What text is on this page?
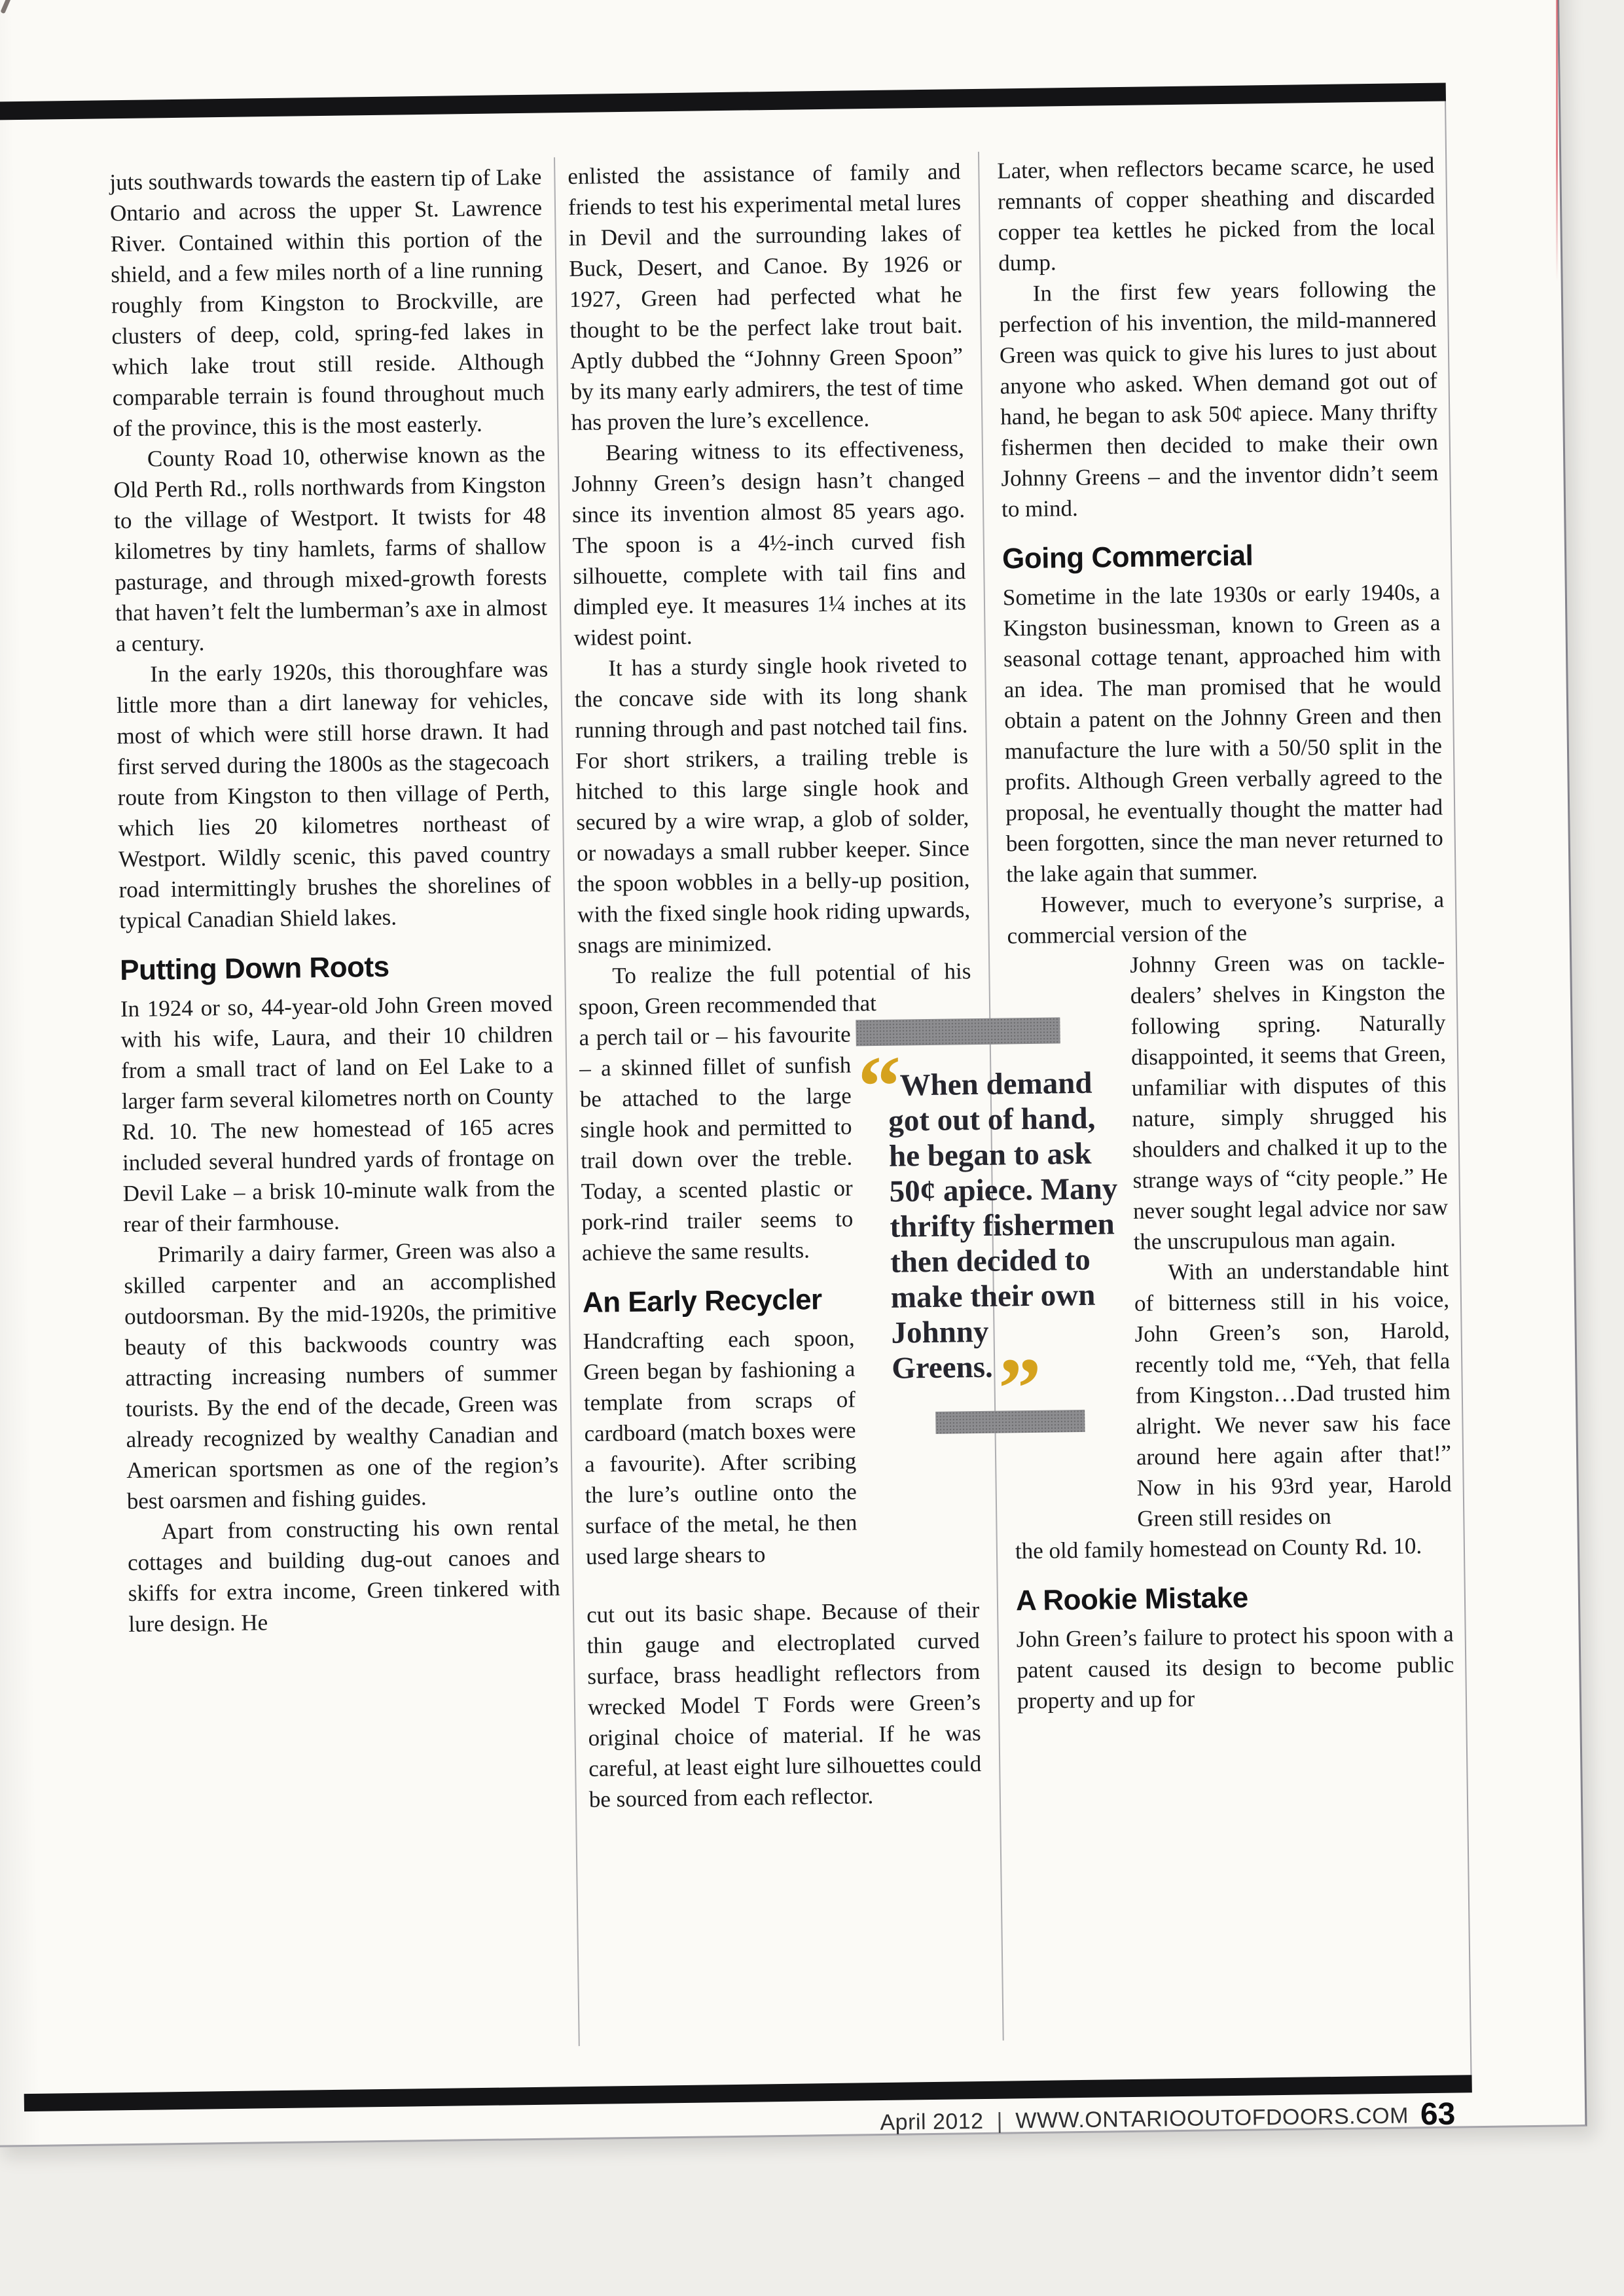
juts southwards towards the eastern tip of Lake Ontario and across the upper St. Lawrence River. Contained within this portion of the shield, and a few miles north of a line running roughly from Kingston to Brockville, are clusters of deep, cold, spring-fed lakes in which lake trout still reside. Although comparable terrain is found throughout much of the province, this is the most easterly.

County Road 10, otherwise known as the Old Perth Rd., rolls northwards from Kingston to the village of Westport. It twists for 48 kilometres by tiny hamlets, farms of shallow pasturage, and through mixed-growth forests that haven’t felt the lumberman’s axe in almost a century.

In the early 1920s, this thoroughfare was little more than a dirt laneway for vehicles, most of which were still horse drawn. It had first served during the 1800s as the stagecoach route from Kingston to then village of Perth, which lies 20 kilometres northeast of Westport. Wildly scenic, this paved country road intermittingly brushes the shorelines of typical Canadian Shield lakes.

Putting Down Roots

In 1924 or so, 44-year-old John Green moved with his wife, Laura, and their 10 children from a small tract of land on Eel Lake to a larger farm several kilometres north on County Rd. 10. The new homestead of 165 acres included several hundred yards of frontage on Devil Lake – a brisk 10-minute walk from the rear of their farmhouse.

Primarily a dairy farmer, Green was also a skilled carpenter and an accomplished outdoorsman. By the mid-1920s, the primitive beauty of this backwoods country was attracting increasing numbers of summer tourists. By the end of the decade, Green was already recognized by wealthy Canadian and American sportsmen as one of the region’s best oarsmen and fishing guides.

Apart from constructing his own rental cottages and building dug-out canoes and skiffs for extra income, Green tinkered with lure design. He

enlisted the assistance of family and friends to test his experimental metal lures in Devil and the surrounding lakes of Buck, Desert, and Canoe. By 1926 or 1927, Green had perfected what he thought to be the perfect lake trout bait. Aptly dubbed the “Johnny Green Spoon” by its many early admirers, the test of time has proven the lure’s excellence.

Bearing witness to its effectiveness, Johnny Green’s design hasn’t changed since its invention almost 85 years ago. The spoon is a 4½-inch curved fish silhouette, complete with tail fins and dimpled eye. It measures 1¼ inches at its widest point.

It has a sturdy single hook riveted to the concave side with its long shank running through and past notched tail fins. For short strikers, a trailing treble is hitched to this large single hook and secured by a wire wrap, a glob of solder, or nowadays a small rubber keeper. Since the spoon wobbles in a belly-up position, with the fixed single hook riding upwards, snags are minimized.

To realize the full potential of his spoon, Green recommended that

a perch tail or – his favourite – a skinned fillet of sunfish be attached to the large single hook and permitted to trail down over the treble. Today, a scented plastic or pork-rind trailer seems to achieve the same results.

An Early Recycler

Handcrafting each spoon, Green began by fashioning a template from scraps of cardboard (match boxes were a favourite). After scribing the lure’s outline onto the surface of the metal, he then used large shears to

“When demand got out of hand, he began to ask 50¢ apiece. Many thrifty fishermen then decided to make their own Johnny Greens.”

cut out its basic shape. Because of their thin gauge and electroplated curved surface, brass headlight reflectors from wrecked Model T Fords were Green’s original choice of material. If he was careful, at least eight lure silhouettes could be sourced from each reflector.

Later, when reflectors became scarce, he used remnants of copper sheathing and discarded copper tea kettles he picked from the local dump.

In the first few years following the perfection of his invention, the mild-mannered Green was quick to give his lures to just about anyone who asked. When demand got out of hand, he began to ask 50¢ apiece. Many thrifty fishermen then decided to make their own Johnny Greens – and the inventor didn’t seem to mind.

Going Commercial

Sometime in the late 1930s or early 1940s, a Kingston businessman, known to Green as a seasonal cottage tenant, approached him with an idea. The man promised that he would obtain a patent on the Johnny Green and then manufacture the lure with a 50/50 split in the profits. Although Green verbally agreed to the proposal, he eventually thought the matter had been forgotten, since the man never returned to the lake again that summer.

However, much to everyone’s surprise, a commercial version of the

Johnny Green was on tackle-dealers’ shelves in Kingston the following spring. Naturally disappointed, it seems that Green, unfamiliar with disputes of this nature, simply shrugged his shoulders and chalked it up to the strange ways of “city people.” He never sought legal advice nor saw the unscrupulous man again.

With an understandable hint of bitterness still in his voice, John Green’s son, Harold, recently told me, “Yeh, that fella from Kingston…Dad trusted him alright. We never saw his face around here again after that!” Now in his 93rd year, Harold Green still resides on

the old family homestead on County Rd. 10.

A Rookie Mistake

John Green’s failure to protect his spoon with a patent caused its design to become public property and up for

April 2012 | WWW.ONTARIOOUTOFDOORS.COM 63
